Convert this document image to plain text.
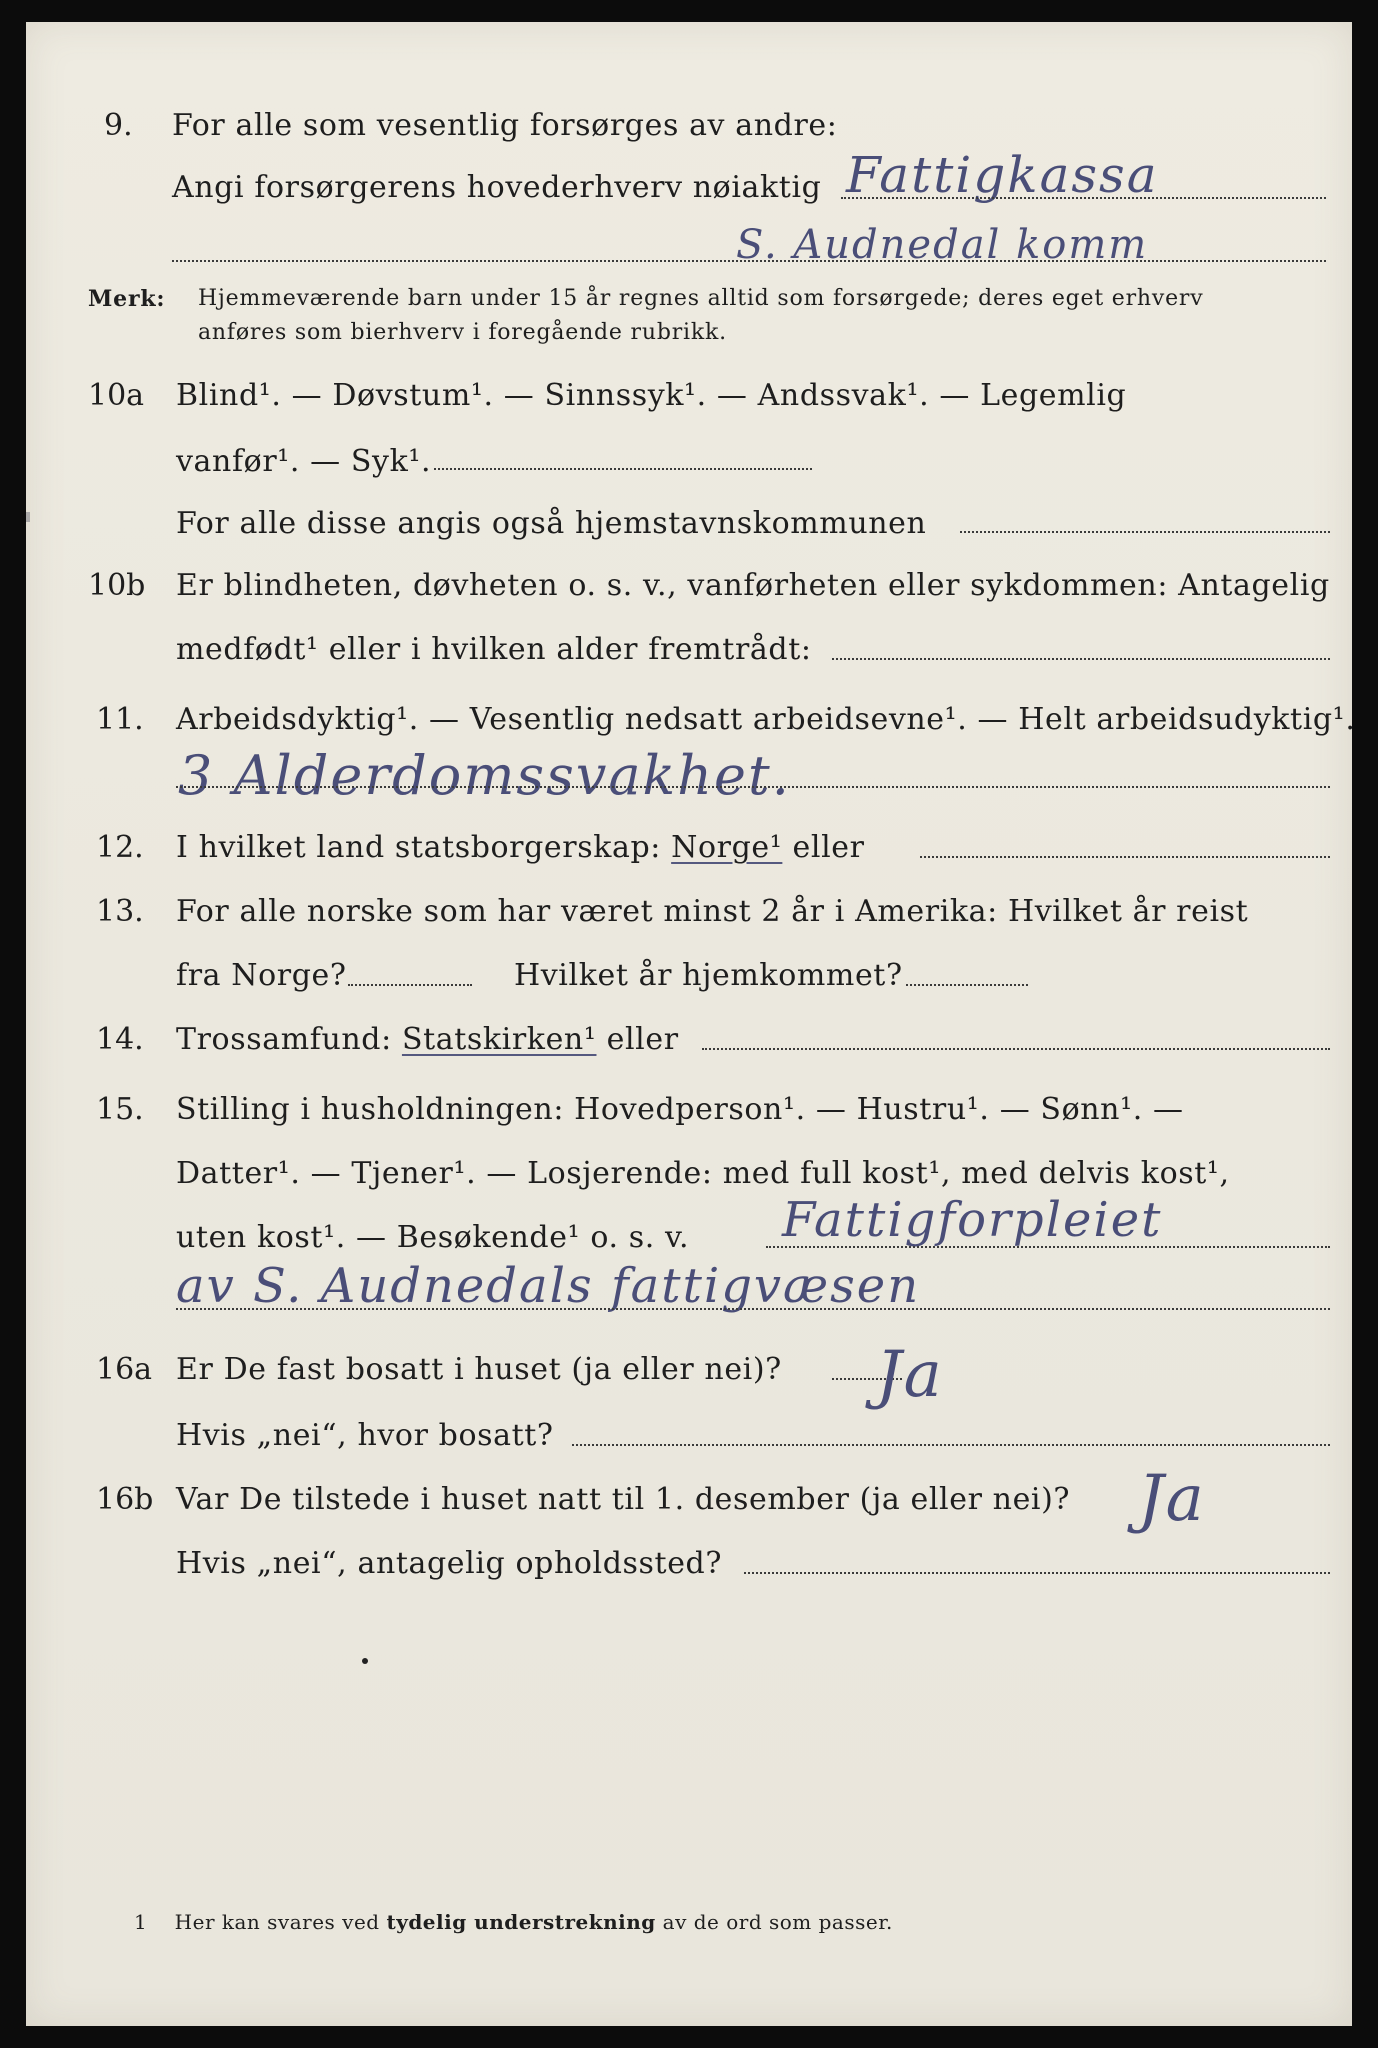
9. For alle som vesentlig forsørges av andre:
Angi forsørgerens hovederhverv nøiaktig Fattigkassa
S. Audnedal komm
Merk: Hjemmeværende barn under 15 år regnes alltid som forsørgede; deres eget erhverv
anføres som bierhverv i foregående rubrikk.
10a Blind¹. — Døvstum¹. — Sinnssyk¹. — Andssvak¹. — Legemlig
vanfør¹. — Syk¹.
For alle disse angis også hjemstavnskommunen
10b Er blindheten, døvheten o. s. v., vanførheten eller sykdommen: Antagelig
medfødt¹ eller i hvilken alder fremtrådt:
11. Arbeidsdyktig¹. — Vesentlig nedsatt arbeidsevne¹. — Helt arbeidsudyktig¹.
3 Alderdomssvakhet.
12. I hvilket land statsborgerskap: Norge¹ eller
13. For alle norske som har været minst 2 år i Amerika: Hvilket år reist
fra Norge?	Hvilket år hjemkommet?
14. Trossamfund: Statskirken¹ eller
15. Stilling i husholdningen: Hovedperson¹. — Hustru¹. — Sønn¹. —
Datter¹. — Tjener¹. — Losjerende: med full kost¹, med delvis kost¹,
uten kost¹. — Besøkende¹ o. s. v. Fattigforpleiet
av S. Audnedals fattigvæsen
16a Er De fast bosatt i huset (ja eller nei)? Ja
Hvis „nei“, hvor bosatt?
16b Var De tilstede i huset natt til 1. desember (ja eller nei)? Ja
Hvis „nei“, antagelig opholdssted?
1 Her kan svares ved tydelig understrekning av de ord som passer.
